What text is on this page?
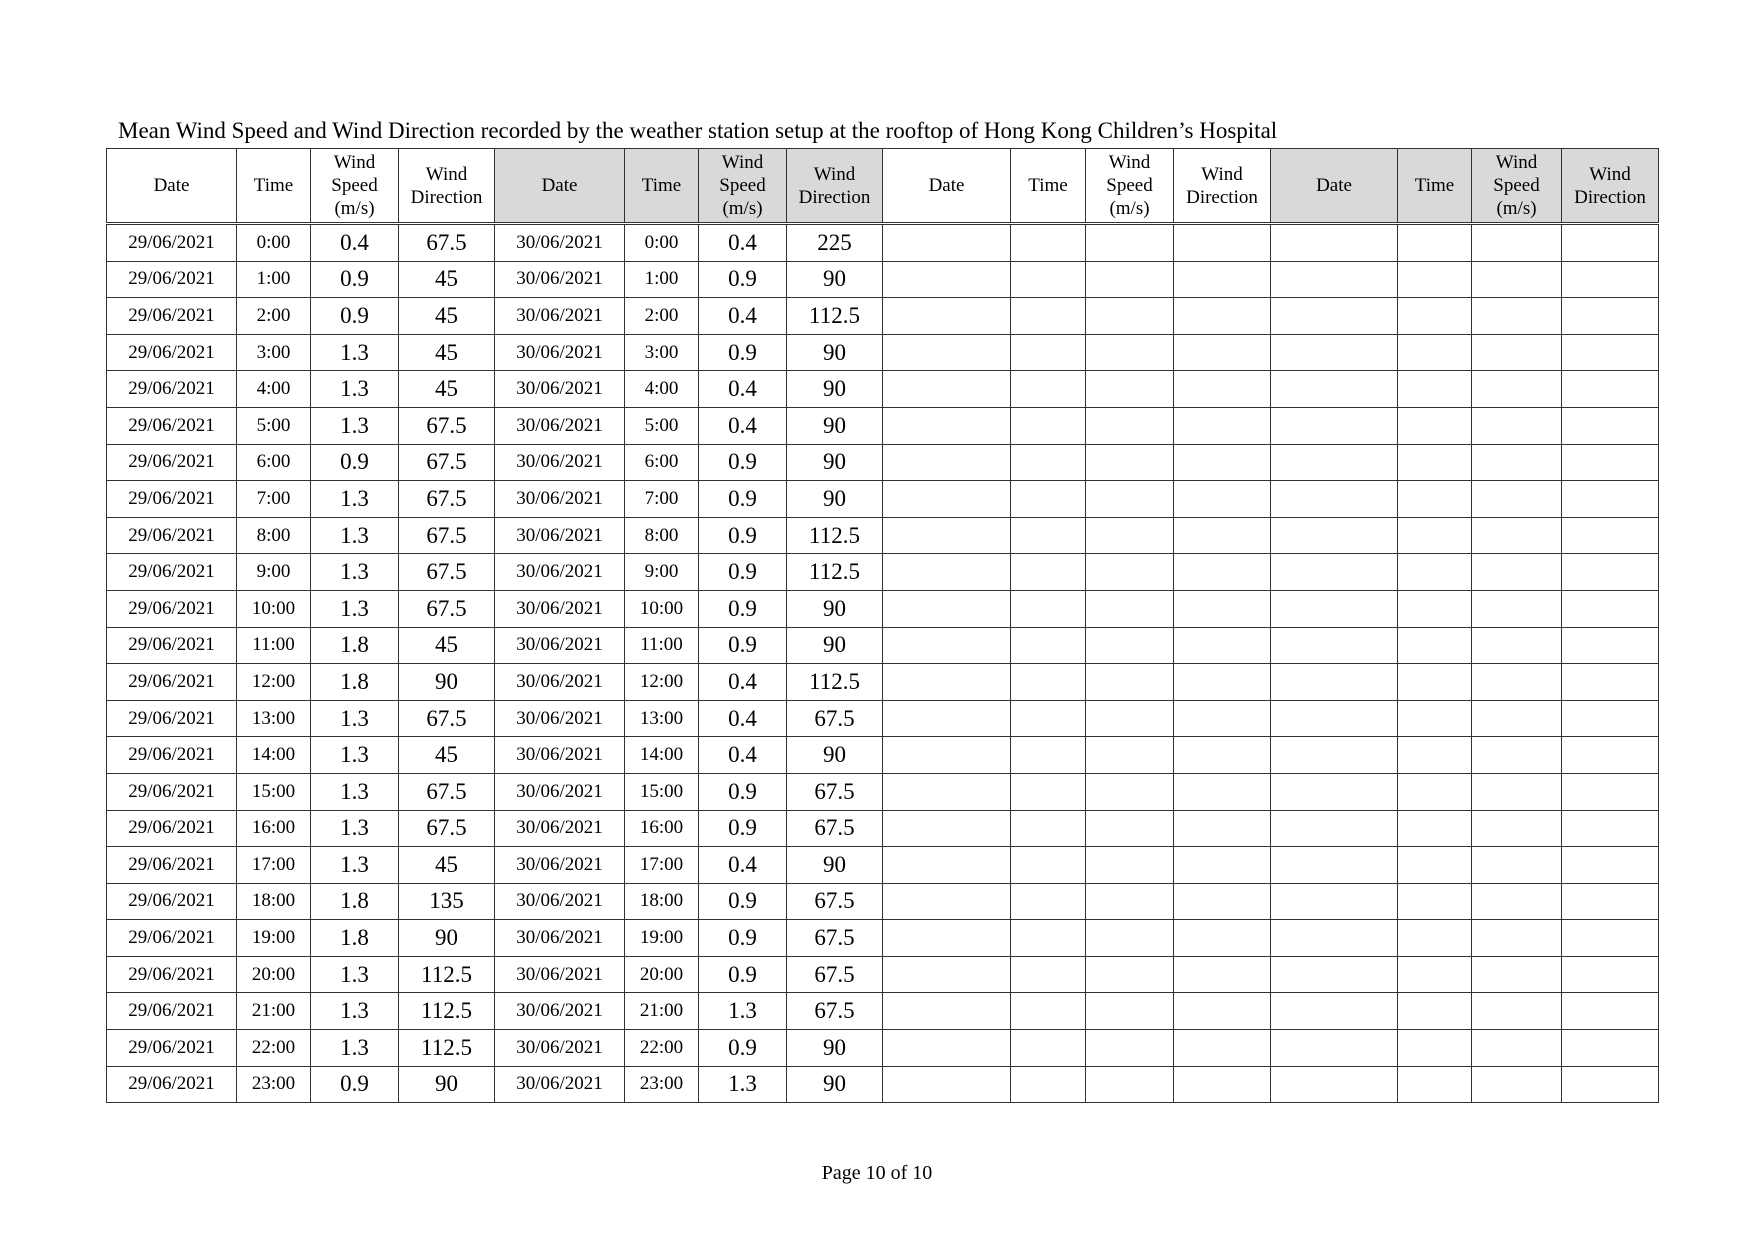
Mean Wind Speed and Wind Direction recorded by the weather station setup at the rooftop of Hong Kong Children’s Hospital
Date	Time	Wind Speed (m/s)	Wind Direction	Date	Time	Wind Speed (m/s)	Wind Direction	Date	Time	Wind Speed (m/s)	Wind Direction	Date	Time	Wind Speed (m/s)	Wind Direction
29/06/2021	0:00	0.4	67.5	30/06/2021	0:00	0.4	225								
29/06/2021	1:00	0.9	45	30/06/2021	1:00	0.9	90								
29/06/2021	2:00	0.9	45	30/06/2021	2:00	0.4	112.5								
29/06/2021	3:00	1.3	45	30/06/2021	3:00	0.9	90								
29/06/2021	4:00	1.3	45	30/06/2021	4:00	0.4	90								
29/06/2021	5:00	1.3	67.5	30/06/2021	5:00	0.4	90								
29/06/2021	6:00	0.9	67.5	30/06/2021	6:00	0.9	90								
29/06/2021	7:00	1.3	67.5	30/06/2021	7:00	0.9	90								
29/06/2021	8:00	1.3	67.5	30/06/2021	8:00	0.9	112.5								
29/06/2021	9:00	1.3	67.5	30/06/2021	9:00	0.9	112.5								
29/06/2021	10:00	1.3	67.5	30/06/2021	10:00	0.9	90								
29/06/2021	11:00	1.8	45	30/06/2021	11:00	0.9	90								
29/06/2021	12:00	1.8	90	30/06/2021	12:00	0.4	112.5								
29/06/2021	13:00	1.3	67.5	30/06/2021	13:00	0.4	67.5								
29/06/2021	14:00	1.3	45	30/06/2021	14:00	0.4	90								
29/06/2021	15:00	1.3	67.5	30/06/2021	15:00	0.9	67.5								
29/06/2021	16:00	1.3	67.5	30/06/2021	16:00	0.9	67.5								
29/06/2021	17:00	1.3	45	30/06/2021	17:00	0.4	90								
29/06/2021	18:00	1.8	135	30/06/2021	18:00	0.9	67.5								
29/06/2021	19:00	1.8	90	30/06/2021	19:00	0.9	67.5								
29/06/2021	20:00	1.3	112.5	30/06/2021	20:00	0.9	67.5								
29/06/2021	21:00	1.3	112.5	30/06/2021	21:00	1.3	67.5								
29/06/2021	22:00	1.3	112.5	30/06/2021	22:00	0.9	90								
29/06/2021	23:00	0.9	90	30/06/2021	23:00	1.3	90								
Page 10 of 10
